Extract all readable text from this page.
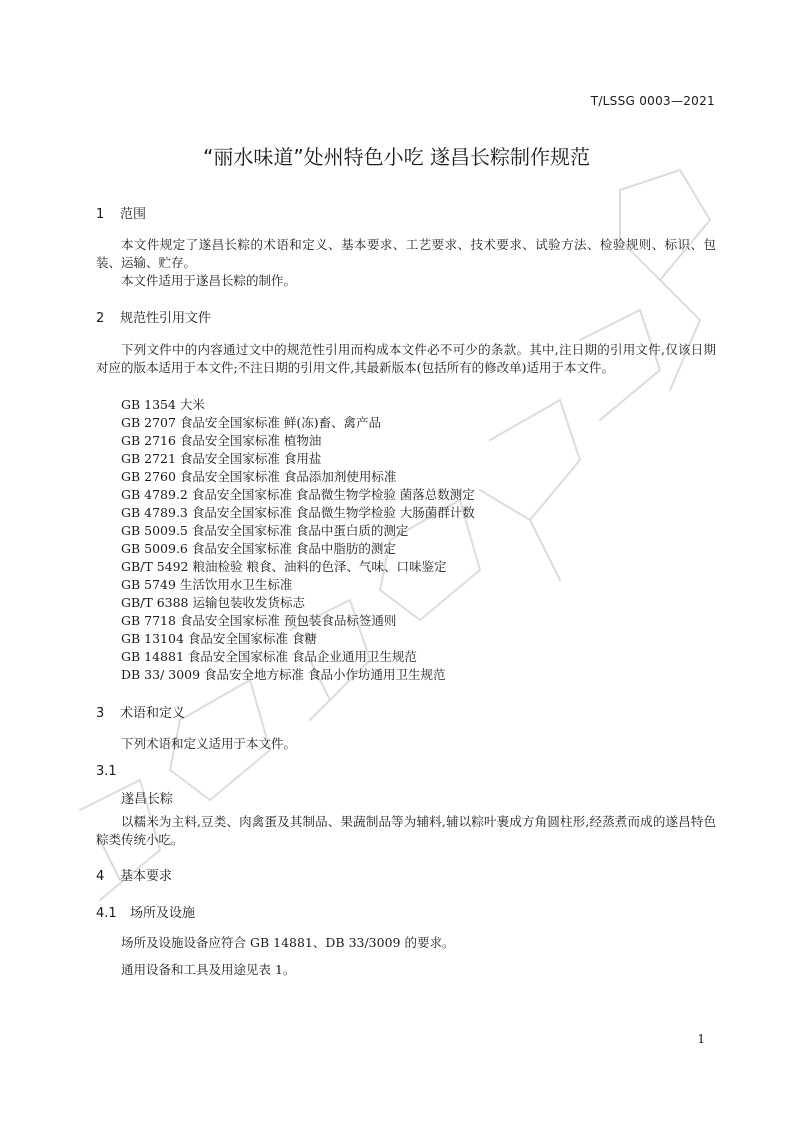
T/LSSG 0003—2021
“丽水味道”处州特色小吃 遂昌长粽制作规范
1 范围
本文件规定了遂昌长粽的术语和定义、基本要求、工艺要求、技术要求、试验方法、检验规则、标识、包装、运输、贮存。
本文件适用于遂昌长粽的制作。
2 规范性引用文件
下列文件中的内容通过文中的规范性引用而构成本文件必不可少的条款。其中,注日期的引用文件,仅该日期对应的版本适用于本文件;不注日期的引用文件,其最新版本(包括所有的修改单)适用于本文件。
GB 1354 大米
GB 2707 食品安全国家标准 鲜(冻)畜、禽产品
GB 2716 食品安全国家标准 植物油
GB 2721 食品安全国家标准 食用盐
GB 2760 食品安全国家标准 食品添加剂使用标准
GB 4789.2 食品安全国家标准 食品微生物学检验 菌落总数测定
GB 4789.3 食品安全国家标准 食品微生物学检验 大肠菌群计数
GB 5009.5 食品安全国家标准 食品中蛋白质的测定
GB 5009.6 食品安全国家标准 食品中脂肪的测定
GB/T 5492 粮油检验 粮食、油料的色泽、气味、口味鉴定
GB 5749 生活饮用水卫生标准
GB/T 6388 运输包装收发货标志
GB 7718 食品安全国家标准 预包装食品标签通则
GB 13104 食品安全国家标准 食糖
GB 14881 食品安全国家标准 食品企业通用卫生规范
DB 33/ 3009 食品安全地方标准 食品小作坊通用卫生规范
3 术语和定义
下列术语和定义适用于本文件。
3.1
遂昌长粽
以糯米为主料,豆类、肉禽蛋及其制品、果蔬制品等为辅料,辅以粽叶裹成方角圆柱形,经蒸煮而成的遂昌特色粽类传统小吃。
4 基本要求
4.1 场所及设施
场所及设施设备应符合 GB 14881、DB 33/3009 的要求。
通用设备和工具及用途见表 1。
1
